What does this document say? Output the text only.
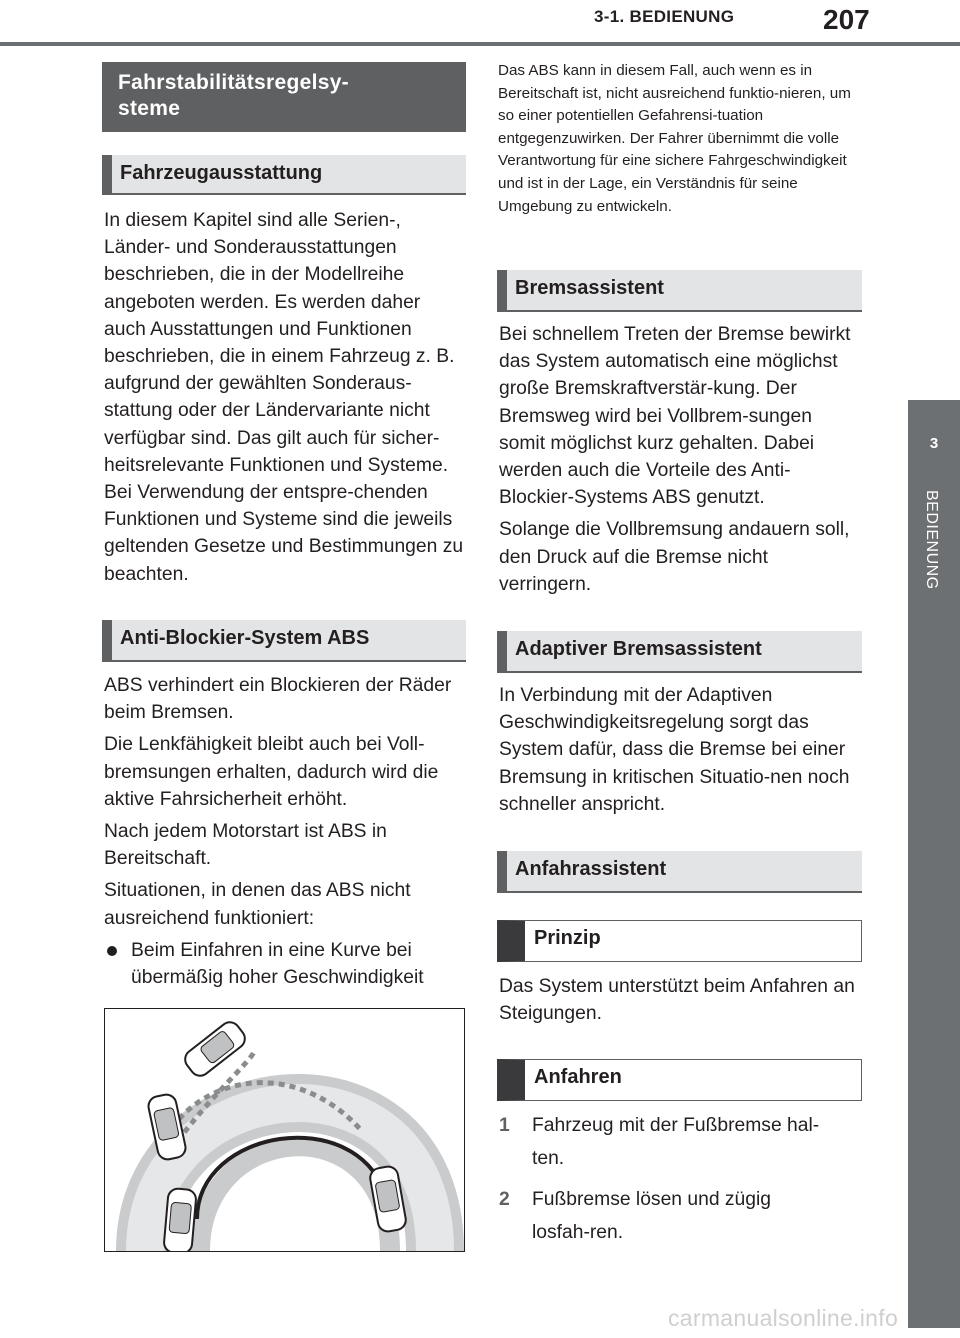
3-1. BEDIENUNG	207
3
BEDIENUNG
Fahrstabilitätsregelsy-
steme
Fahrzeugausstattung

In diesem Kapitel sind alle Serien-, Länder- und Sonderausstattungen beschrieben, die in der Modellreihe angeboten werden. Es werden daher auch Ausstattungen und Funktionen beschrieben, die in einem Fahrzeug z. B. aufgrund der gewählten Sonderaus-stattung oder der Ländervariante nicht verfügbar sind. Das gilt auch für sicher-heitsrelevante Funktionen und Systeme. Bei Verwendung der entspre-chenden Funktionen und Systeme sind die jeweils geltenden Gesetze und Bestimmungen zu beachten.

Anti-Blockier-System ABS

ABS verhindert ein Blockieren der Räder beim Bremsen.

Die Lenkfähigkeit bleibt auch bei Voll-bremsungen erhalten, dadurch wird die aktive Fahrsicherheit erhöht.

Nach jedem Motorstart ist ABS in Bereitschaft.

Situationen, in denen das ABS nicht ausreichend funktioniert:

Beim Einfahren in eine Kurve bei übermäßig hoher Geschwindigkeit

Das ABS kann in diesem Fall, auch wenn es in Bereitschaft ist, nicht ausreichend funktio-nieren, um so einer potentiellen Gefahrensi-tuation entgegenzuwirken. Der Fahrer übernimmt die volle Verantwortung für eine sichere Fahrgeschwindigkeit und ist in der Lage, ein Verständnis für seine Umgebung zu entwickeln.

Bremsassistent

Bei schnellem Treten der Bremse bewirkt das System automatisch eine möglichst große Bremskraftverstär-kung. Der Bremsweg wird bei Vollbrem-sungen somit möglichst kurz gehalten. Dabei werden auch die Vorteile des Anti-Blockier-Systems ABS genutzt.

Solange die Vollbremsung andauern soll, den Druck auf die Bremse nicht verringern.

Adaptiver Bremsassistent

In Verbindung mit der Adaptiven Geschwindigkeitsregelung sorgt das System dafür, dass die Bremse bei einer Bremsung in kritischen Situatio-nen noch schneller anspricht.

Anfahrassistent
Prinzip

Das System unterstützt beim Anfahren an Steigungen.

Anfahren
1 Fahrzeug mit der Fußbremse hal-ten.
2 Fußbremse lösen und zügig losfah-ren.
carmanualsonline.info
